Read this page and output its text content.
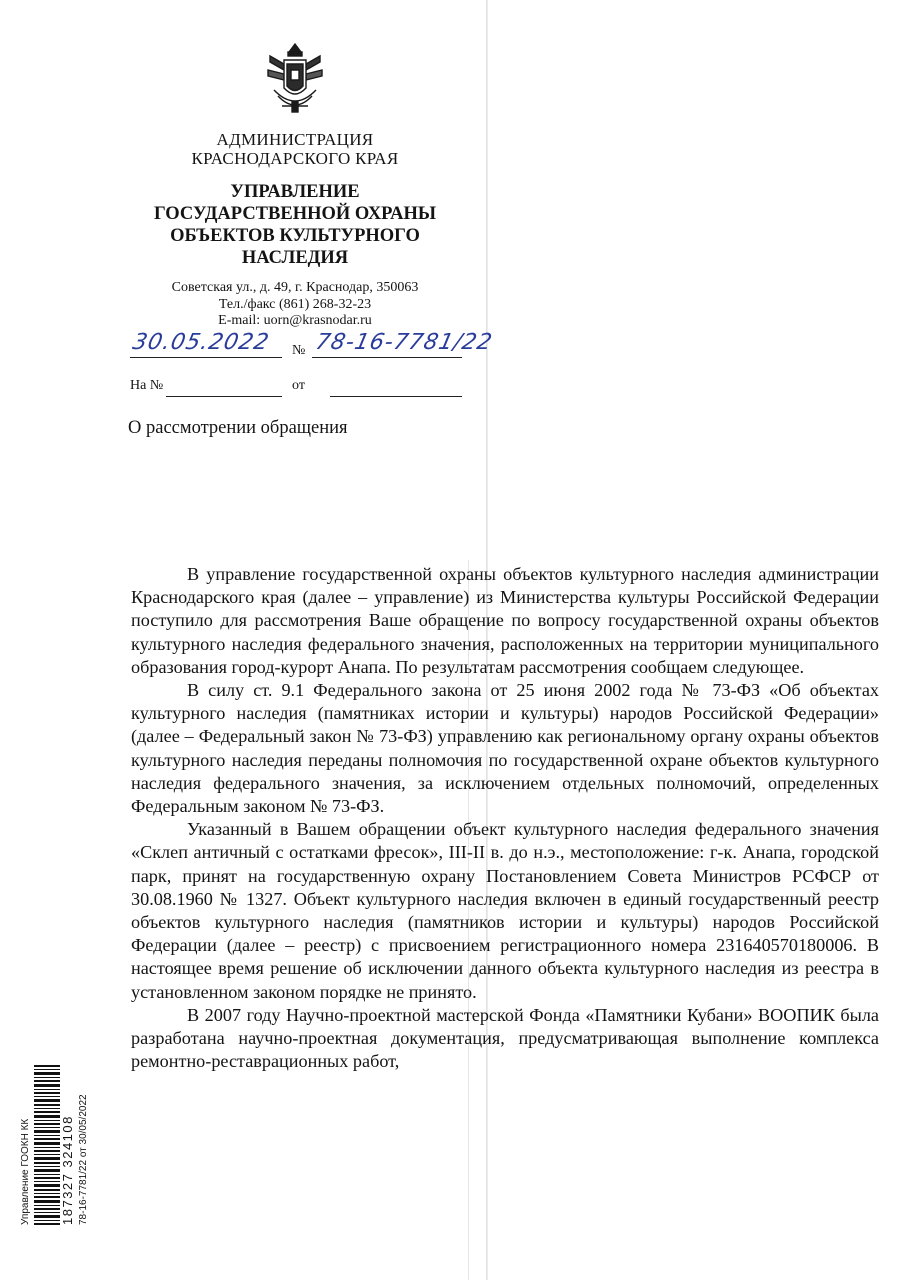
АДМИНИСТРАЦИЯ
КРАСНОДАРСКОГО КРАЯ
УПРАВЛЕНИЕ
ГОСУДАРСТВЕННОЙ ОХРАНЫ
ОБЪЕКТОВ КУЛЬТУРНОГО
НАСЛЕДИЯ
Советская ул., д. 49, г. Краснодар, 350063
Тел./факс (861) 268-32-23
E-mail: uorn@krasnodar.ru
30.05.2022 № 78-16-7781/22
На №	от
О рассмотрении обращения

В управление государственной охраны объектов культурного наследия администрации Краснодарского края (далее – управление) из Министерства культуры Российской Федерации поступило для рассмотрения Ваше обращение по вопросу государственной охраны объектов культурного наследия федерального значения, расположенных на территории муниципального образования город-курорт Анапа. По результатам рассмотрения сообщаем следующее.

В силу ст. 9.1 Федерального закона от 25 июня 2002 года № 73-ФЗ «Об объектах культурного наследия (памятниках истории и культуры) народов Российской Федерации» (далее – Федеральный закон № 73-ФЗ) управлению как региональному органу охраны объектов культурного наследия переданы полномочия по государственной охране объектов культурного наследия федерального значения, за исключением отдельных полномочий, определенных Федеральным законом № 73-ФЗ.

Указанный в Вашем обращении объект культурного наследия федерального значения «Склеп античный с остатками фресок», III-II в. до н.э., местоположение: г-к. Анапа, городской парк, принят на государственную охрану Постановлением Совета Министров РСФСР от 30.08.1960 № 1327. Объект культурного наследия включен в единый государственный реестр объектов культурного наследия (памятников истории и культуры) народов Российской Федерации (далее – реестр) с присвоением регистрационного номера 231640570180006. В настоящее время решение об исключении данного объекта культурного наследия из реестра в установленном законом порядке не принято.

В 2007 году Научно-проектной мастерской Фонда «Памятники Кубани» ВООПИК была разработана научно-проектная документация, предусматривающая выполнение комплекса ремонтно-реставрационных работ,

Управление ГООКН КК 187327 324108 78-16-7781/22 от 30/05/2022
